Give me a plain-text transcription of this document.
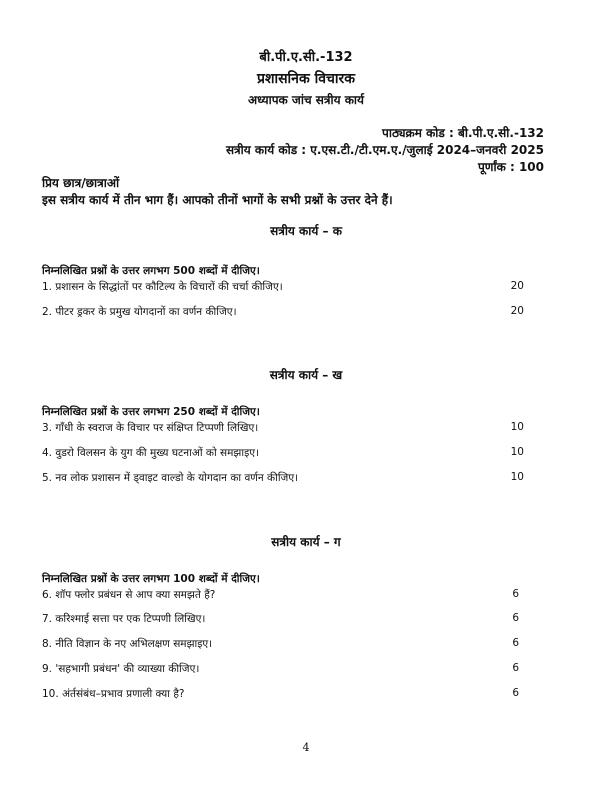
बी.पी.ए.सी.-132
प्रशासनिक विचारक
अध्यापक जांच सत्रीय कार्य
पाठ्यक्रम कोड : बी.पी.ए.सी.-132
सत्रीय कार्य कोड : ए.एस.टी./टी.एम.ए./जुलाई 2024–जनवरी 2025
पूर्णांक : 100
प्रिय छात्र/छात्राओं
इस सत्रीय कार्य में तीन भाग हैं। आपको तीनों भागों के सभी प्रश्नों के उत्तर देने हैं।
सत्रीय कार्य – क
निम्नलिखित प्रश्नों के उत्तर लगभग 500 शब्दों में दीजिए।
1. प्रशासन के सिद्धांतों पर कौटिल्य के विचारों की चर्चा कीजिए।	20
2. पीटर ड्रकर के प्रमुख योगदानों का वर्णन कीजिए।	20
सत्रीय कार्य – ख
निम्नलिखित प्रश्नों के उत्तर लगभग 250 शब्दों में दीजिए।
3. गाँधी के स्वराज के विचार पर संक्षिप्त टिप्पणी लिखिए।	10
4. वुडरो विलसन के युग की मुख्य घटनाओं को समझाइए।	10
5. नव लोक प्रशासन में ड्वाइट वाल्डो के योगदान का वर्णन कीजिए।	10
सत्रीय कार्य – ग
निम्नलिखित प्रश्नों के उत्तर लगभग 100 शब्दों में दीजिए।
6. शॉप फ्लोर प्रबंधन से आप क्या समझते हैं?	6
7. करिश्माई सत्ता पर एक टिप्पणी लिखिए।	6
8. नीति विज्ञान के नए अभिलक्षण समझाइए।	6
9. 'सहभागी प्रबंधन' की व्याख्या कीजिए।	6
10. अंर्तसंबंध–प्रभाव प्रणाली क्या है?	6
4
